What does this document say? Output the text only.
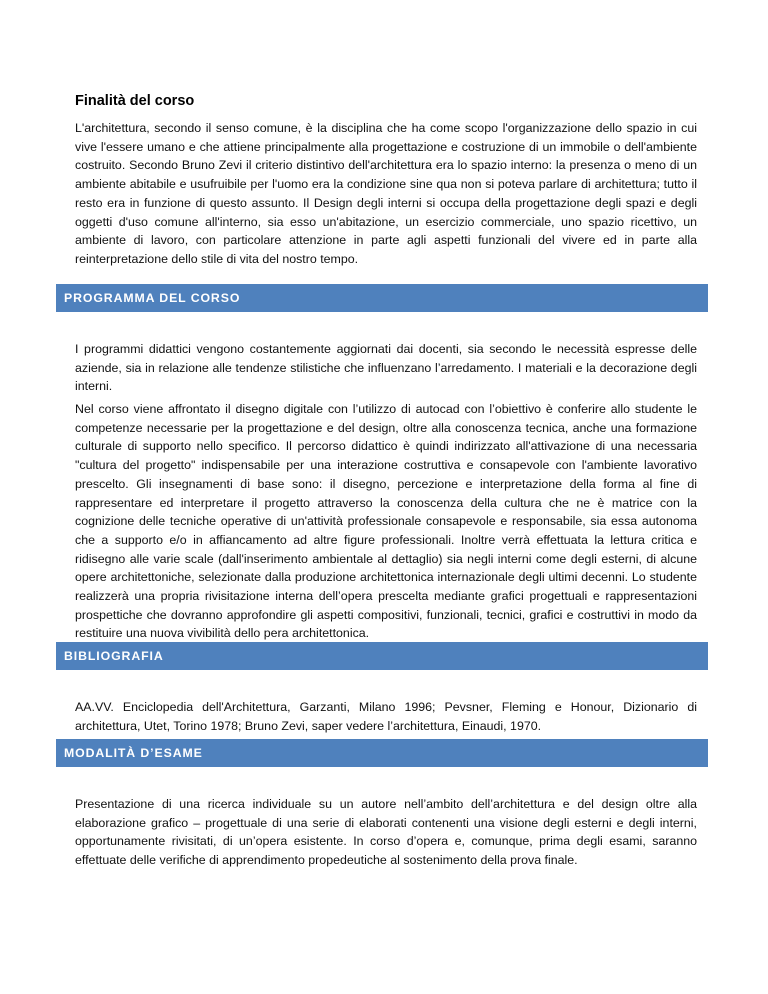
Finalità del corso

L'architettura, secondo il senso comune, è la disciplina che ha come scopo l'organizzazione dello spazio in cui vive l'essere umano e che attiene principalmente alla progettazione e costruzione di un immobile o dell'ambiente costruito. Secondo Bruno Zevi il criterio distintivo dell'architettura era lo spazio interno: la presenza o meno di un ambiente abitabile e usufruibile per l'uomo era la condizione sine qua non si poteva parlare di architettura; tutto il resto era in funzione di questo assunto. Il Design degli interni si occupa della progettazione degli spazi e degli oggetti d'uso comune all'interno, sia esso un'abitazione, un esercizio commerciale, uno spazio ricettivo, un ambiente di lavoro, con particolare attenzione in parte agli aspetti funzionali del vivere ed in parte alla reinterpretazione dello stile di vita del nostro tempo.

PROGRAMMA DEL CORSO

I programmi didattici vengono costantemente aggiornati dai docenti, sia secondo le necessità espresse delle aziende, sia in relazione alle tendenze stilistiche che influenzano l’arredamento. I materiali e la decorazione degli interni.

Nel corso viene affrontato il disegno digitale con l’utilizzo di autocad con l’obiettivo è conferire allo studente le competenze necessarie per la progettazione e del design, oltre alla conoscenza tecnica, anche una formazione culturale di supporto nello specifico. Il percorso didattico è quindi indirizzato all'attivazione di una necessaria "cultura del progetto" indispensabile per una interazione costruttiva e consapevole con l'ambiente lavorativo prescelto. Gli insegnamenti di base sono: il disegno, percezione e interpretazione della forma al fine di rappresentare ed interpretare il progetto attraverso la conoscenza della cultura che ne è matrice con la cognizione delle tecniche operative di un'attività professionale consapevole e responsabile, sia essa autonoma che a supporto e/o in affiancamento ad altre figure professionali. Inoltre verrà effettuata la lettura critica e ridisegno alle varie scale (dall'inserimento ambientale al dettaglio) sia negli interni come degli esterni, di alcune opere architettoniche, selezionate dalla produzione architettonica internazionale degli ultimi decenni. Lo studente realizzerà una propria rivisitazione interna dell’opera prescelta mediante grafici progettuali e rappresentazioni prospettiche che dovranno approfondire gli aspetti compositivi, funzionali, tecnici, grafici e costruttivi in modo da restituire una nuova vivibilità dello pera architettonica.

BIBLIOGRAFIA

AA.VV. Enciclopedia dell'Architettura, Garzanti, Milano 1996; Pevsner, Fleming e Honour, Dizionario di architettura, Utet, Torino 1978; Bruno Zevi, saper vedere l’architettura, Einaudi, 1970.

MODALITÀ D’ESAME

Presentazione di una ricerca individuale su un autore nell’ambito dell’architettura e del design oltre alla elaborazione grafico – progettuale di una serie di elaborati contenenti una visione degli esterni e degli interni, opportunamente rivisitati, di un’opera esistente. In corso d’opera e, comunque, prima degli esami, saranno effettuate delle verifiche di apprendimento propedeutiche al sostenimento della prova finale.
